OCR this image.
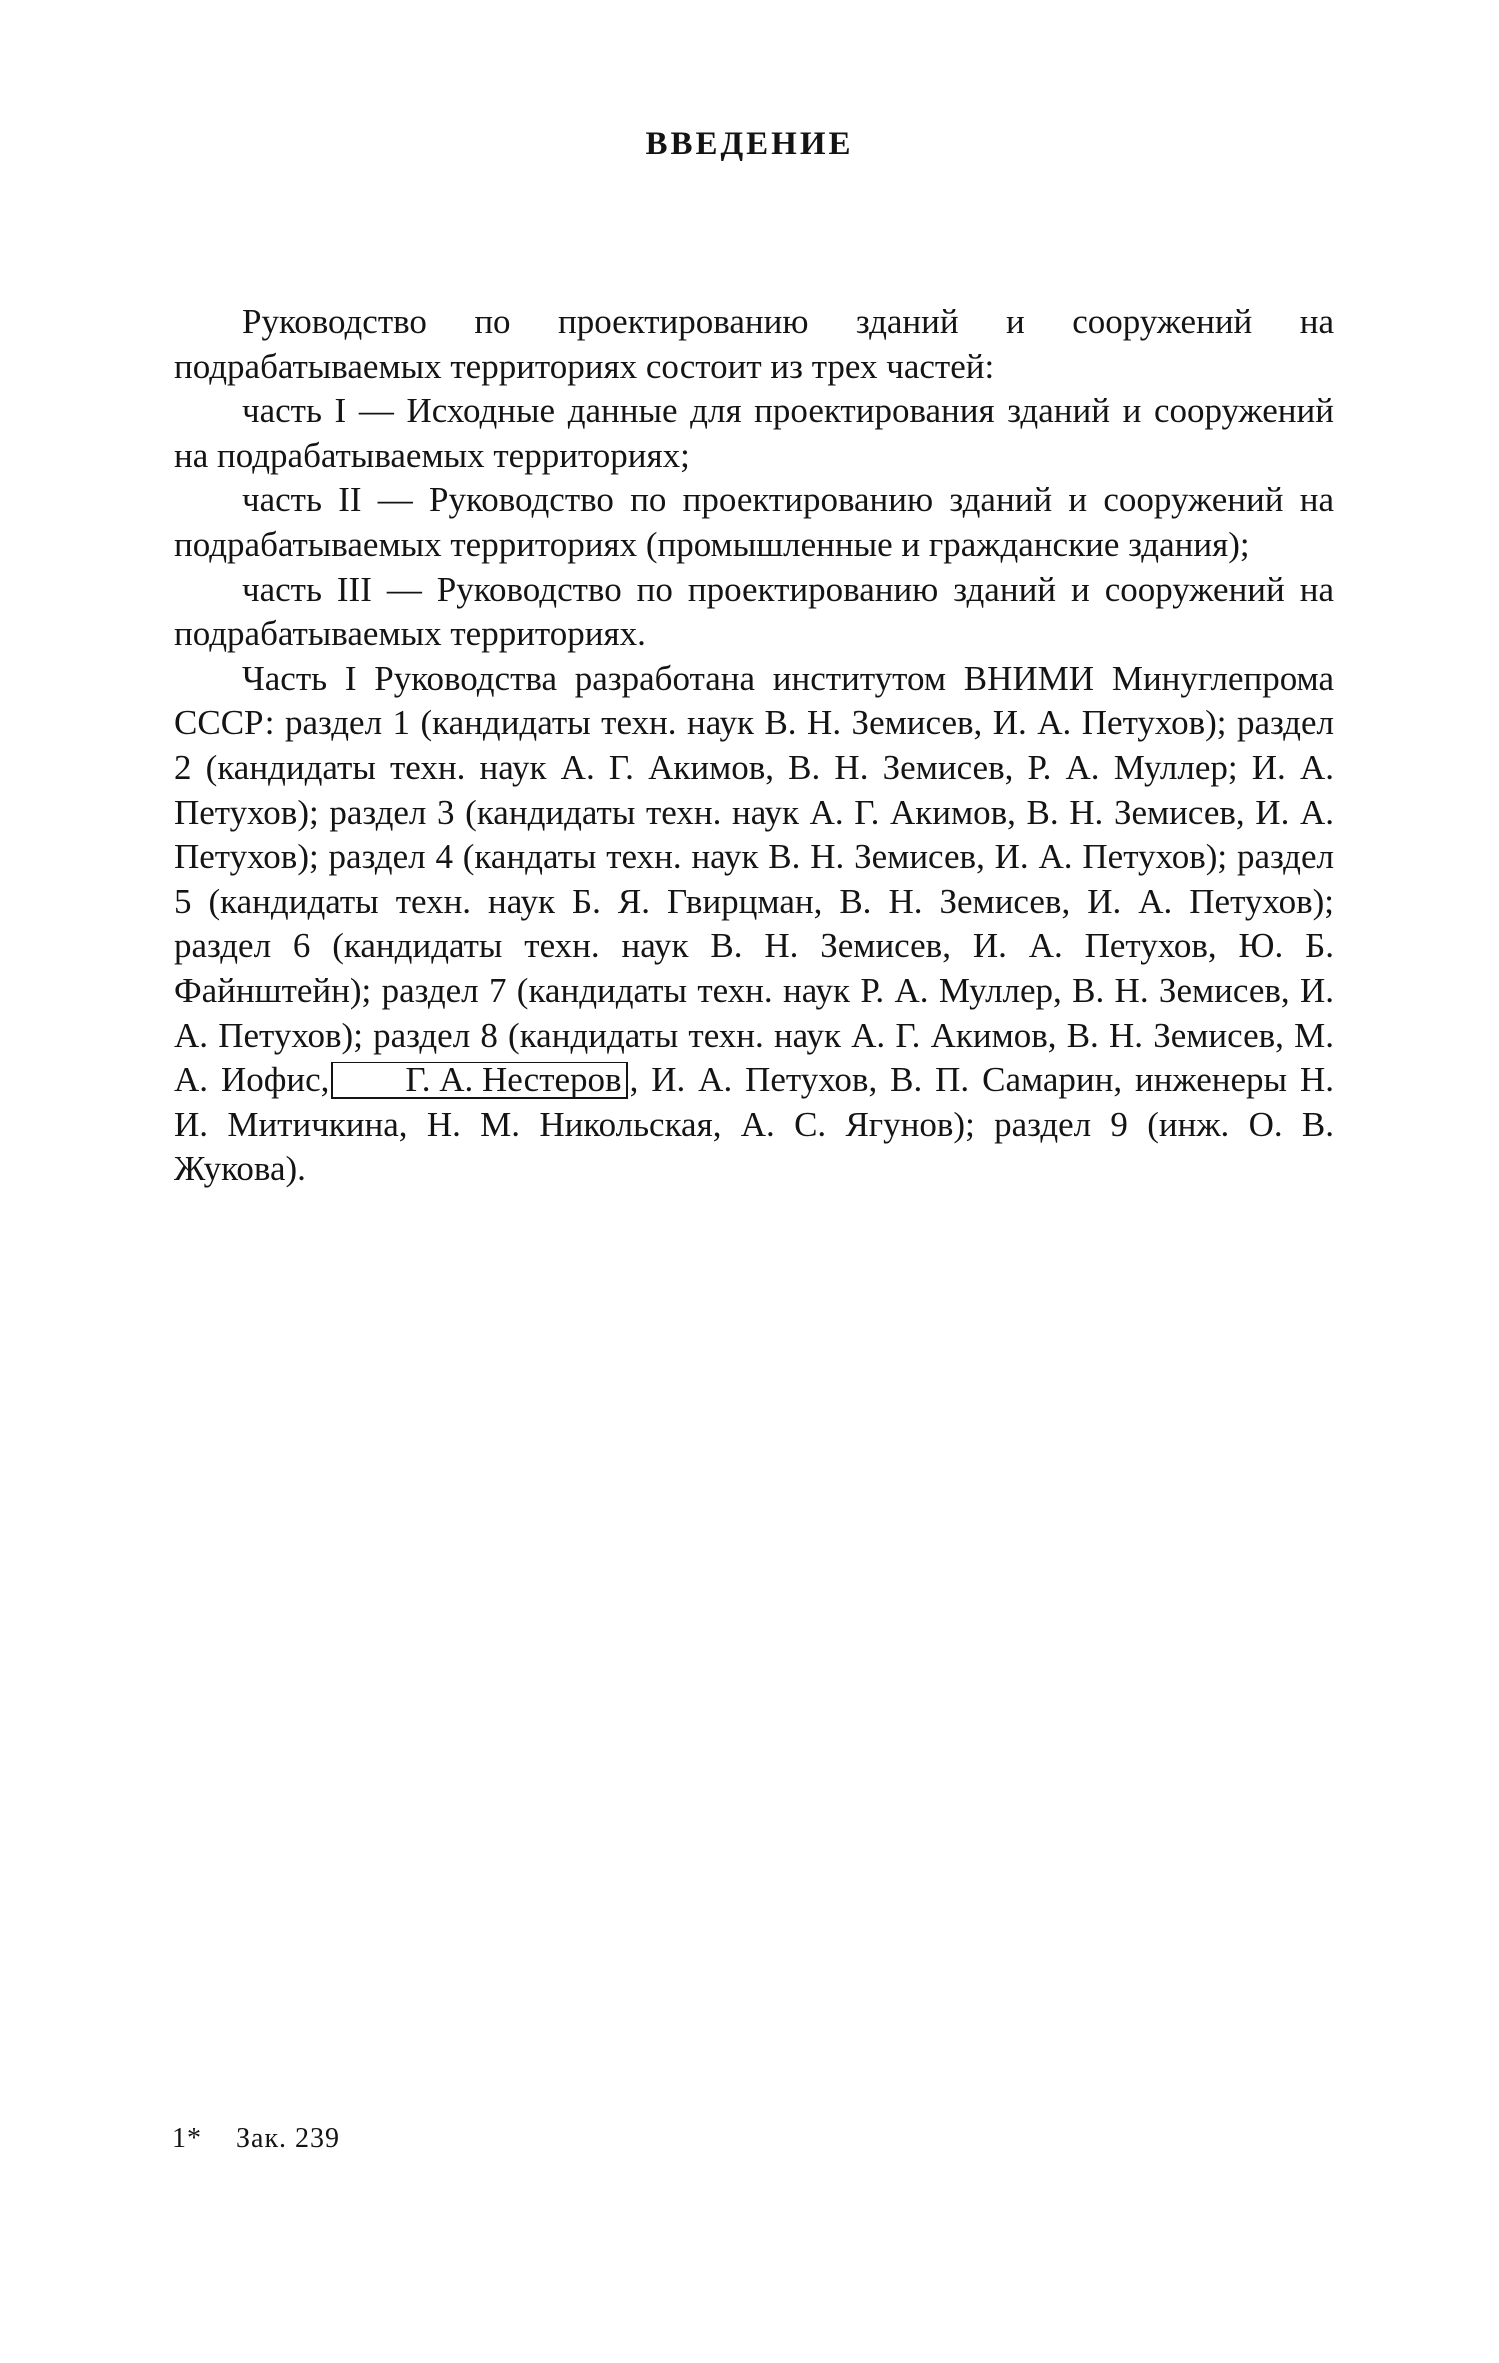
ВВЕДЕНИЕ

Руководство по проектированию зданий и сооружений на подрабатываемых территориях состоит из трех частей:

часть I — Исходные данные для проектирования зданий и сооружений на подрабатываемых территориях;

часть II — Руководство по проектированию зданий и сооружений на подрабатываемых территориях (промышленные и гражданские здания);

часть III — Руководство по проектированию зданий и сооружений на подрабатываемых территориях.

Часть I Руководства разработана институтом ВНИМИ Минуглепрома СССР: раздел 1 (кандидаты техн. наук В. Н. Земисев, И. А. Петухов); раздел 2 (кандидаты техн. наук А. Г. Акимов, В. Н. Земисев, Р. А. Муллер; И. А. Петухов); раздел 3 (кандидаты техн. наук А. Г. Акимов, В. Н. Земисев, И. А. Петухов); раздел 4 (кандаты техн. наук В. Н. Земисев, И. А. Петухов); раздел 5 (кандидаты техн. наук Б. Я. Гвирцман, В. Н. Земисев, И. А. Петухов); раздел 6 (кандидаты техн. наук В. Н. Земисев, И. А. Петухов, Ю. Б. Файнштейн); раздел 7 (кандидаты техн. наук Р. А. Муллер, В. Н. Земисев, И. А. Петухов); раздел 8 (кандидаты техн. наук А. Г. Акимов, В. Н. Земисев, М. А. Иофис, Г. А. Нестеров , И. А. Петухов, В. П. Самарин, инженеры Н. И. Митичкина, Н. М. Никольская, А. С. Ягунов); раздел 9 (инж. О. В. Жукова).

1* Зак. 239
